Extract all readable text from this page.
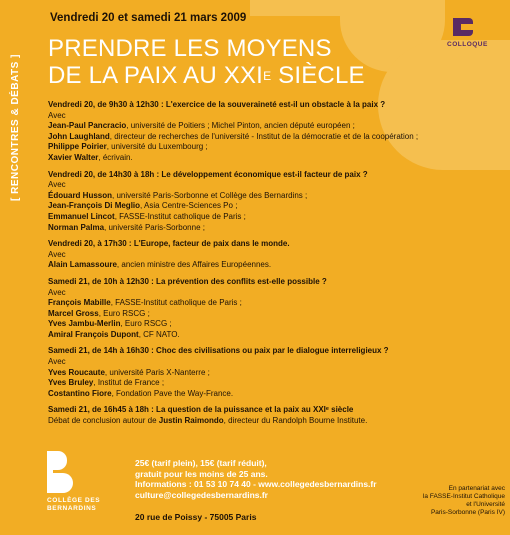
[ RENCONTRES & DÉBATS ]
Vendredi 20 et samedi 21 mars 2009
PRENDRE LES MOYENS
DE LA PAIX AU $XXI^E$ SIÈCLE
COLLOQUE
Vendredi 20, de 9h30 à 12h30 : L'exercice de la souveraineté est-il un obstacle à la paix ?
Avec
Jean-Paul Pancracio, université de Poitiers ; Michel Pinton, ancien député européen ;
John Laughland, directeur de recherches de l'université - Institut de la démocratie et de la coopération ;
Philippe Poirier, université du Luxembourg ;
Xavier Walter, écrivain.
Vendredi 20, de 14h30 à 18h : Le développement économique est-il facteur de paix ?
Avec
Édouard Husson, université Paris-Sorbonne et Collège des Bernardins ;
Jean-François Di Meglio, Asia Centre-Sciences Po ;
Emmanuel Lincot, FASSE-Institut catholique de Paris ;
Norman Palma, université Paris-Sorbonne ;
Vendredi 20, à 17h30 : L'Europe, facteur de paix dans le monde.
Avec
Alain Lamassoure, ancien ministre des Affaires Européennes.
Samedi 21, de 10h à 12h30 : La prévention des conflits est-elle possible ?
Avec
François Mabille, FASSE-Institut catholique de Paris ;
Marcel Gross, Euro RSCG ;
Yves Jambu-Merlin, Euro RSCG ;
Amiral François Dupont, CF NATO.
Samedi 21, de 14h à 16h30 : Choc des civilisations ou paix par le dialogue interreligieux ?
Avec
Yves Roucaute, université Paris X-Nanterre ;
Yves Bruley, Institut de France ;
Costantino Fiore, Fondation Pave the Way-France.
Samedi 21, de 16h45 à 18h : La question de la puissance et la paix au XXIᵉ siècle
Débat de conclusion autour de Justin Raimondo, directeur du Randolph Bourne Institute.
COLLÈGE DES
BERNARDINS
25€ (tarif plein), 15€ (tarif réduit),
gratuit pour les moins de 25 ans.
Informations : 01 53 10 74 40 - www.collegedesbernardins.fr
culture@collegedesbernardins.fr
20 rue de Poissy - 75005 Paris
En partenariat avec
la FASSE-Institut Catholique
et l'Université
Paris-Sorbonne (Paris IV)
